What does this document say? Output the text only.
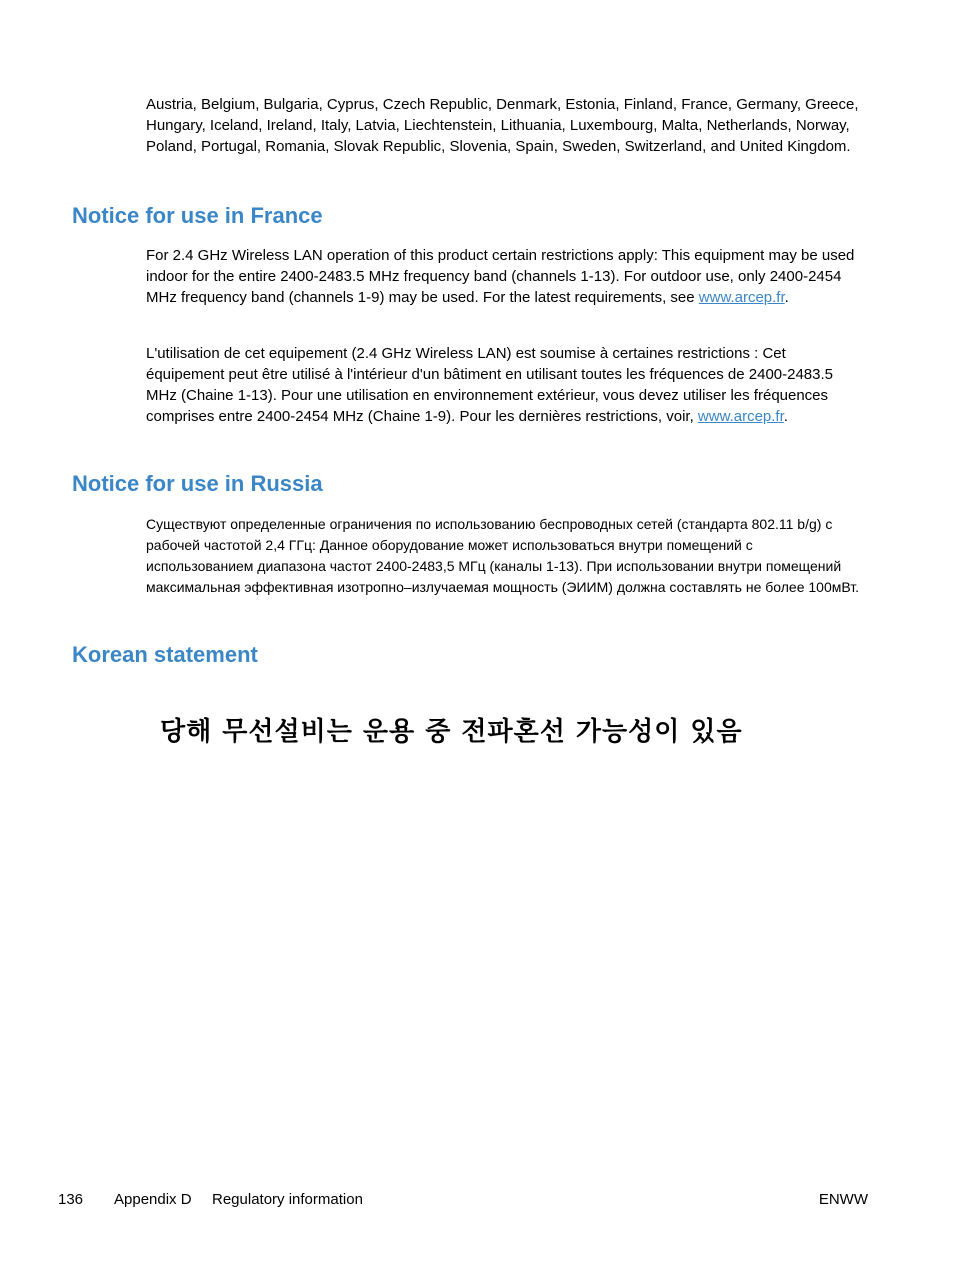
Austria, Belgium, Bulgaria, Cyprus, Czech Republic, Denmark, Estonia, Finland, France, Germany, Greece, Hungary, Iceland, Ireland, Italy, Latvia, Liechtenstein, Lithuania, Luxembourg, Malta, Netherlands, Norway, Poland, Portugal, Romania, Slovak Republic, Slovenia, Spain, Sweden, Switzerland, and United Kingdom.

Notice for use in France

For 2.4 GHz Wireless LAN operation of this product certain restrictions apply: This equipment may be used indoor for the entire 2400-2483.5 MHz frequency band (channels 1-13). For outdoor use, only 2400-2454 MHz frequency band (channels 1-9) may be used. For the latest requirements, see www.arcep.fr.

L'utilisation de cet equipement (2.4 GHz Wireless LAN) est soumise à certaines restrictions : Cet équipement peut être utilisé à l'intérieur d'un bâtiment en utilisant toutes les fréquences de 2400-2483.5 MHz (Chaine 1-13). Pour une utilisation en environnement extérieur, vous devez utiliser les fréquences comprises entre 2400-2454 MHz (Chaine 1-9). Pour les dernières restrictions, voir, www.arcep.fr.

Notice for use in Russia

Существуют определенные ограничения по использованию беспроводных сетей (стандарта 802.11 b/g) с рабочей частотой 2,4 ГГц: Данное оборудование может использоваться внутри помещений с использованием диапазона частот 2400-2483,5 МГц (каналы 1-13). При использовании внутри помещений максимальная эффективная изотропно–излучаемая мощность (ЭИИМ) должна составлять не более 100мВт.

Korean statement

당해 무선설비는 운용 중 전파혼선 가능성이 있음

136 Appendix D Regulatory information	ENWW
